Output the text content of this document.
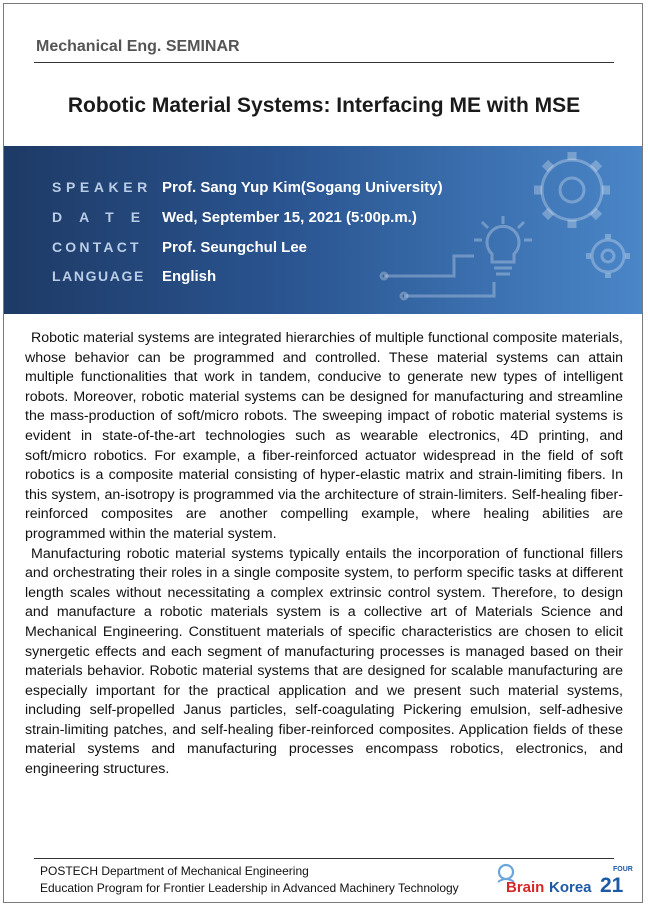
Mechanical Eng. SEMINAR
Robotic Material Systems: Interfacing ME with MSE
SPEAKER Prof. Sang Yup Kim(Sogang University)
DATE Wed, September 15, 2021 (5:00p.m.)
CONTACT	Prof. Seungchul Lee
LANGUAGE	English

Robotic material systems are integrated hierarchies of multiple functional composite materials, whose behavior can be programmed and controlled. These material systems can attain multiple functionalities that work in tandem, conducive to generate new types of intelligent robots. Moreover, robotic material systems can be designed for manufacturing and streamline the mass-production of soft/micro robots. The sweeping impact of robotic material systems is evident in state-of-the-art technologies such as wearable electronics, 4D printing, and soft/micro robotics. For example, a fiber-reinforced actuator widespread in the field of soft robotics is a composite material consisting of hyper-elastic matrix and strain-limiting fibers. In this system, an-isotropy is programmed via the architecture of strain-limiters. Self-healing fiber-reinforced composites are another compelling example, where healing abilities are programmed within the material system.

Manufacturing robotic material systems typically entails the incorporation of functional fillers and orchestrating their roles in a single composite system, to perform specific tasks at different length scales without necessitating a complex extrinsic control system. Therefore, to design and manufacture a robotic materials system is a collective art of Materials Science and Mechanical Engineering. Constituent materials of specific characteristics are chosen to elicit synergetic effects and each segment of manufacturing processes is managed based on their materials behavior. Robotic material systems that are designed for scalable manufacturing are especially important for the practical application and we present such material systems, including self-propelled Janus particles, self-coagulating Pickering emulsion, self-adhesive strain-limiting patches, and self-healing fiber-reinforced composites. Application fields of these material systems and manufacturing processes encompass robotics, electronics, and engineering structures.

POSTECH Department of Mechanical Engineering
Education Program for Frontier Leadership in Advanced Machinery Technology	Brain Korea 21
FOUR
